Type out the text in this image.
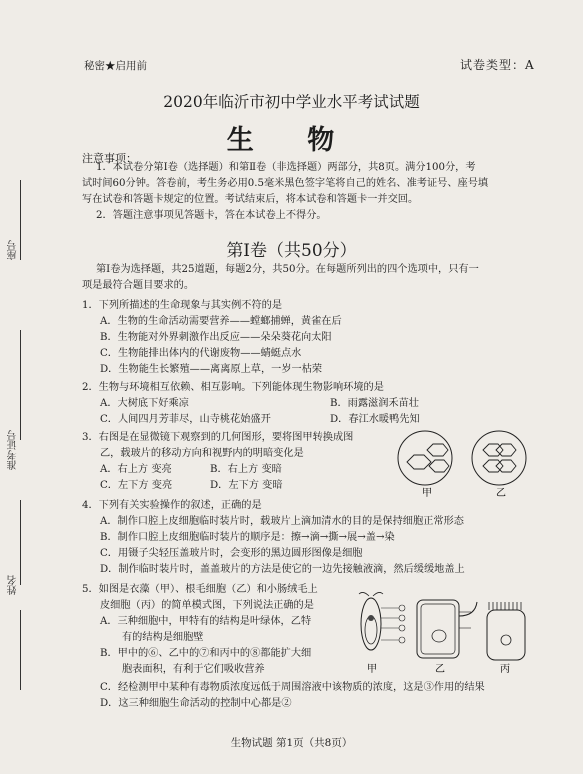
秘密★启用前	试卷类型：A
2020年临沂市初中学业水平考试试题
生 物
座号
准考证号
姓名
注意事项：
1．本试卷分第Ⅰ卷（选择题）和第Ⅱ卷（非选择题）两部分，共8页。满分100分，考
试时间60分钟。答卷前，考生务必用0.5毫米黑色签字笔将自己的姓名、准考证号、座号填
写在试卷和答题卡规定的位置。考试结束后，将本试卷和答题卡一并交回。
2．答题注意事项见答题卡，答在本试卷上不得分。
第Ⅰ卷（共50分）
第Ⅰ卷为选择题，共25道题，每题2分，共50分。在每题所列出的四个选项中，只有一
项是最符合题目要求的。
1．下列所描述的生命现象与其实例不符的是
A．生物的生命活动需要营养——螳螂捕蝉，黄雀在后
B．生物能对外界刺激作出反应——朵朵葵花向太阳
C．生物能排出体内的代谢废物——蜻蜓点水
D．生物能生长繁殖——离离原上草，一岁一枯荣
2．生物与环境相互依赖、相互影响。下列能体现生物影响环境的是
A．大树底下好乘凉	B．雨露滋润禾苗壮
C．人间四月芳菲尽，山寺桃花始盛开	D．春江水暖鸭先知
3．右图是在显微镜下观察到的几何图形，要将图甲转换成图
乙，载玻片的移动方向和视野内的明暗变化是
A．右上方 变亮	B．右上方 变暗
C．左下方 变亮	D．左下方 变暗
甲	乙
4．下列有关实验操作的叙述，正确的是
A．制作口腔上皮细胞临时装片时，载玻片上滴加清水的目的是保持细胞正常形态
B．制作口腔上皮细胞临时装片的顺序是：擦→滴→撕→展→盖→染
C．用镊子尖轻压盖玻片时，会变形的黑边圆形图像是细胞
D．制作临时装片时，盖盖玻片的方法是使它的一边先接触液滴，然后缓缓地盖上
5．如图是衣藻（甲）、根毛细胞（乙）和小肠绒毛上
皮细胞（丙）的简单模式图，下列说法正确的是
A．三种细胞中，甲特有的结构是叶绿体，乙特
有的结构是细胞壁
B．甲中的⑥、乙中的⑦和丙中的⑧都能扩大细
胞表面积，有利于它们吸收营养
C．经检测甲中某种有毒物质浓度远低于周围溶液中该物质的浓度，这是③作用的结果
D．这三种细胞生命活动的控制中心都是②
甲	乙	丙
生物试题 第1页（共8页）
